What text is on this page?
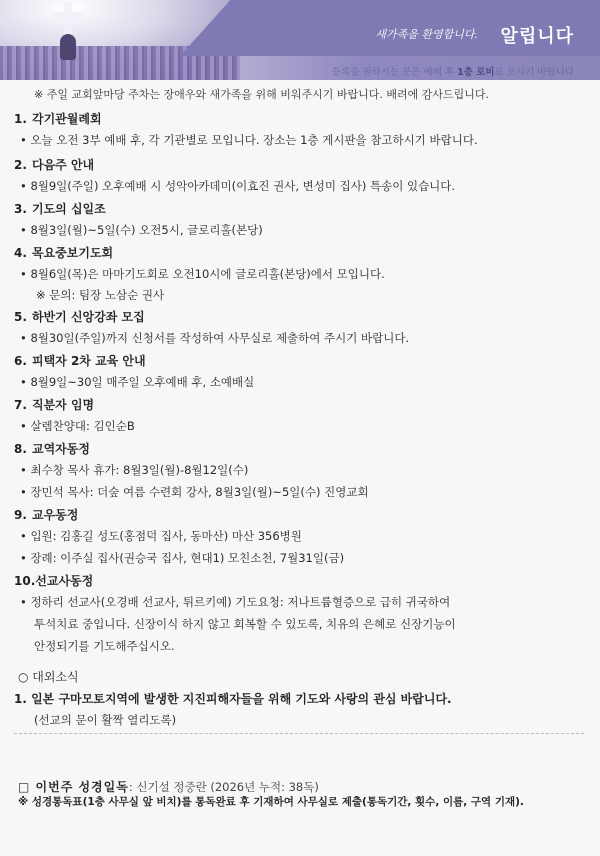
새가족을 환영합니다. 알립니다
등록을 원하시는 분은 예배 후 1층 로비로 오시기 바랍니다
※ 주일 교회앞마당 주차는 장애우와 새가족을 위해 비워주시기 바랍니다. 배려에 감사드립니다.
1. 각기관월례회
• 오늘 오전 3부 예배 후, 각 기관별로 모입니다. 장소는 1층 게시판을 참고하시기 바랍니다.
2. 다음주 안내
• 8월9일(주일) 오후예배 시 성악아카데미(이효진 권사, 변성미 집사) 특송이 있습니다.
3. 기도의 십일조
• 8월3일(월)~5일(수) 오전5시, 글로리홀(본당)
4. 목요중보기도회
• 8월6일(목)은 마마기도회로 오전10시에 글로리홀(본당)에서 모입니다.
※ 문의: 팀장 노삼순 권사
5. 하반기 신앙강좌 모집
• 8월30일(주일)까지 신청서를 작성하여 사무실로 제출하여 주시기 바랍니다.
6. 피택자 2차 교육 안내
• 8월9일~30일 매주일 오후예배 후, 소예배실
7. 직분자 임명
• 살렘찬양대: 김인순B
8. 교역자동정
• 최수창 목사 휴가: 8월3일(월)-8월12일(수)
• 장민석 목사: 더숲 여름 수련회 강사, 8월3일(월)~5일(수) 진영교회
9. 교우동정
• 입원: 김홍길 성도(홍점덕 집사, 동마산) 마산 356병원
• 장례: 이주실 집사(권승국 집사, 현대1) 모친소천, 7월31일(금)
10.선교사동정
• 정하리 선교사(오경배 선교사, 튀르키예) 기도요청: 저나트륨혈증으로 급히 귀국하여
투석치료 중입니다. 신장이식 하지 않고 회복할 수 있도록, 치유의 은혜로 신장기능이
안정되기를 기도해주십시오.
○ 대외소식
1. 일본 구마모토지역에 발생한 지진피해자들을 위해 기도와 사랑의 관심 바랍니다.
(선교의 문이 활짝 열리도록)
□ 이번주 성경일독: 신기설 정중란 (2026년 누적: 38독)
※ 성경통독표(1층 사무실 앞 비치)를 통독완료 후 기재하여 사무실로 제출(통독기간, 횟수, 이름, 구역 기재).
